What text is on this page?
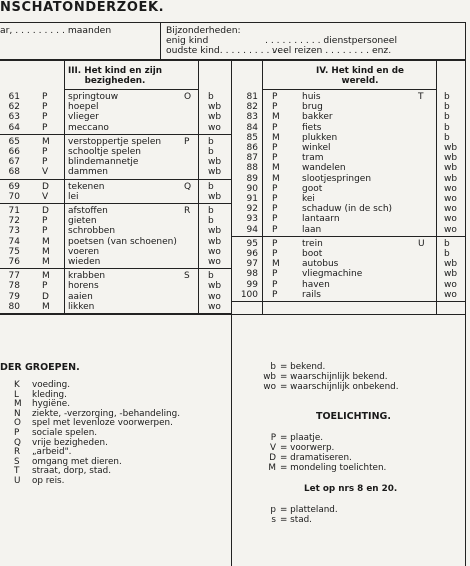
NSCHATONDERZOEK.
ar, . . . . . . . . . maanden	Bijzonderheden:
enig kind	. . . . . . . . . . dienstpersoneel
oudste kind. . . . . . . . . . . .
veel reizen . . . . . . . . enz.
III. Het kind en zijn
bezigheden.
61 P springtouw	b
O
62 P hoepel	wb
63 P vlieger	wb
64 P meccano	wo
65 M verstoppertje spelen	b
P
66 P schooltje spelen	b
67 P blindemannetje	wb
68 V dammen	wb
69 D tekenen	b
Q
70 V lei	wb
71 D afstoffen	b
R
72 P gieten	b
73 P schrobben	wb
74 M poetsen (van schoenen)	wb
75 M voeren	wo
76 M wieden	wo
77 M krabben	b
S
78 P horens	wb
79 D aaien	wo
80 M likken	wo
IV. Het kind en de
wereld.
81 P	huis	b
T
82 P	brug	b
83 M bakker	b
84 P	fiets	b
85 M plukken	b
86 P	winkel	wb
87 P	tram	wb
88 M wandelen	wb
89 M slootjespringen	wb
90 P	goot	wo
91 P	kei	wo
92 P	schaduw (in de sch)	wo
93 P	lantaarn	wo
94 P	laan	wo
95 P	trein	b
U
96 P	boot	b
97 M autobus	wb
98 P	vliegmachine	wb
99 P	haven	wo
100 P	rails	wo
DER GROEPEN.
K voeding.
L kleding.
M hygiëne.
N ziekte, -verzorging, -behandeling.
O spel met levenloze voorwerpen.
P sociale spelen.
Q vrije bezigheden.
R „arbeid".
S omgang met dieren.
T straat, dorp, stad.
U op reis.
b = bekend.
wb = waarschijnlijk bekend.
wo = waarschijnlijk onbekend.
TOELICHTING.
P = plaatje.
V = voorwerp.
D = dramatiseren.
M = mondeling toelichten.
Let op nrs 8 en 20.
p = platteland.
s = stad.
